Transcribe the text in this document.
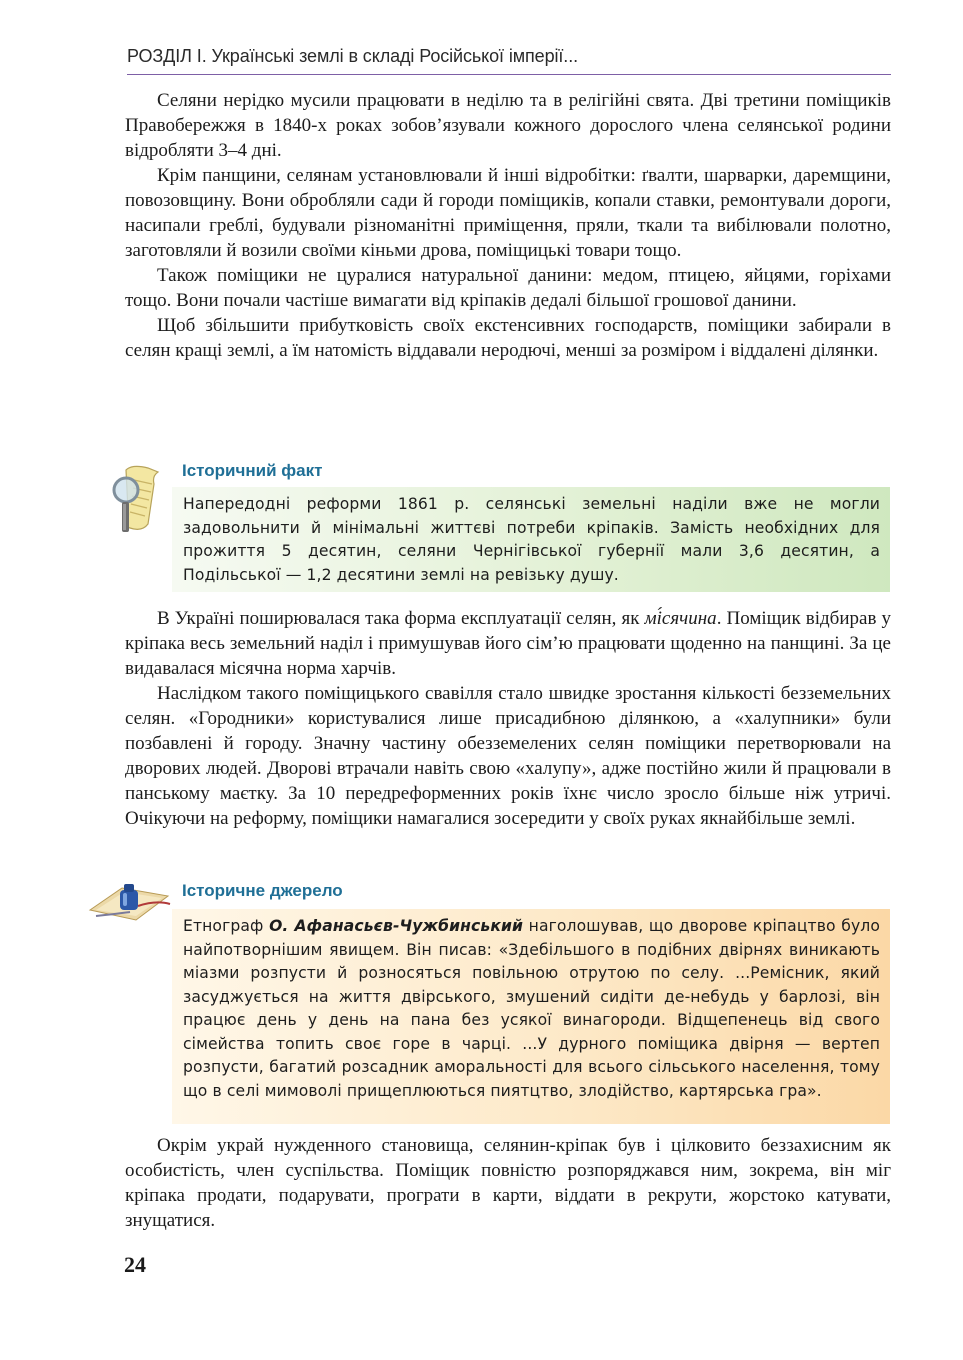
РОЗДІЛ І. Українські землі в складі Російської імперії...

Селяни нерідко мусили працювати в неділю та в релігійні свята. Дві третини поміщиків Правобережжя в 1840-х роках зобов’язували кожного дорослого члена селянської родини відробляти 3–4 дні.

Крім панщини, селянам установлювали й інші відробітки: ґвалти, шарварки, даремщини, повозовщину. Вони обробляли сади й городи поміщиків, копали ставки, ремонтували дороги, насипали греблі, будували різноманітні приміщення, пряли, ткали та вибілювали полотно, заготовляли й возили своїми кіньми дрова, поміщицькі товари тощо.

Також поміщики не цуралися натуральної данини: медом, птицею, яйцями, горіхами тощо. Вони почали частіше вимагати від кріпаків дедалі більшої грошової данини.

Щоб збільшити прибутковість своїх екстенсивних господарств, поміщики забирали в селян кращі землі, а їм натомість віддавали неродючі, менші за розміром і віддалені ділянки.

Історичний факт

Напередодні реформи 1861 р. селянські земельні наділи вже не могли задовольнити й мінімальні життєві потреби кріпаків. Замість необхідних для прожиття 5 десятин, селяни Чернігівської губернії мали 3,6 десятин, а Подільської — 1,2 десятини землі на ревізьку душу.

В Україні поширювалася така форма експлуатації селян, як мі́сячина. Поміщик відбирав у кріпака весь земельний наділ і примушував його сім’ю працювати щоденно на панщині. За це видавалася місячна норма харчів.

Наслідком такого поміщицького свавілля стало швидке зростання кількості безземельних селян. «Городники» користувалися лише присадибною ділянкою, а «халупники» були позбавлені й городу. Значну частину обезземелених селян поміщики перетворювали на дворових людей. Дворові втрачали навіть свою «халупу», адже постійно жили й працювали в панському маєтку. За 10 передреформенних років їхнє число зросло більше ніж утричі. Очікуючи на реформу, поміщики намагалися зосередити у своїх руках якнайбільше землі.

Історичне джерело

Етнограф О. Афанасьєв-Чужбинський наголошував, що дворове кріпацтво було найпотворнішим явищем. Він писав: «Здебільшого в подібних двірнях виникають міазми розпусти й розносяться повільною отрутою по селу. ...Ремісник, який засуджується на життя двірського, змушений сидіти де-небудь у барлозі, він працює день у день на пана без усякої винагороди. Відщепенець від свого сімейства топить своє горе в чарці. ...У дурного поміщика двірня — вертеп розпусти, багатий розсадник аморальності для всього сільського населення, тому що в селі мимоволі прищеплюються пиятцтво, злодійство, картярська гра».

Окрім украй нужденного становища, селянин-кріпак був і цілковито беззахисним як особистість, член суспільства. Поміщик повністю розпоряджався ним, зокрема, він міг кріпака продати, подарувати, програти в карти, віддати в рекрути, жорстоко катувати, знущатися.

24
